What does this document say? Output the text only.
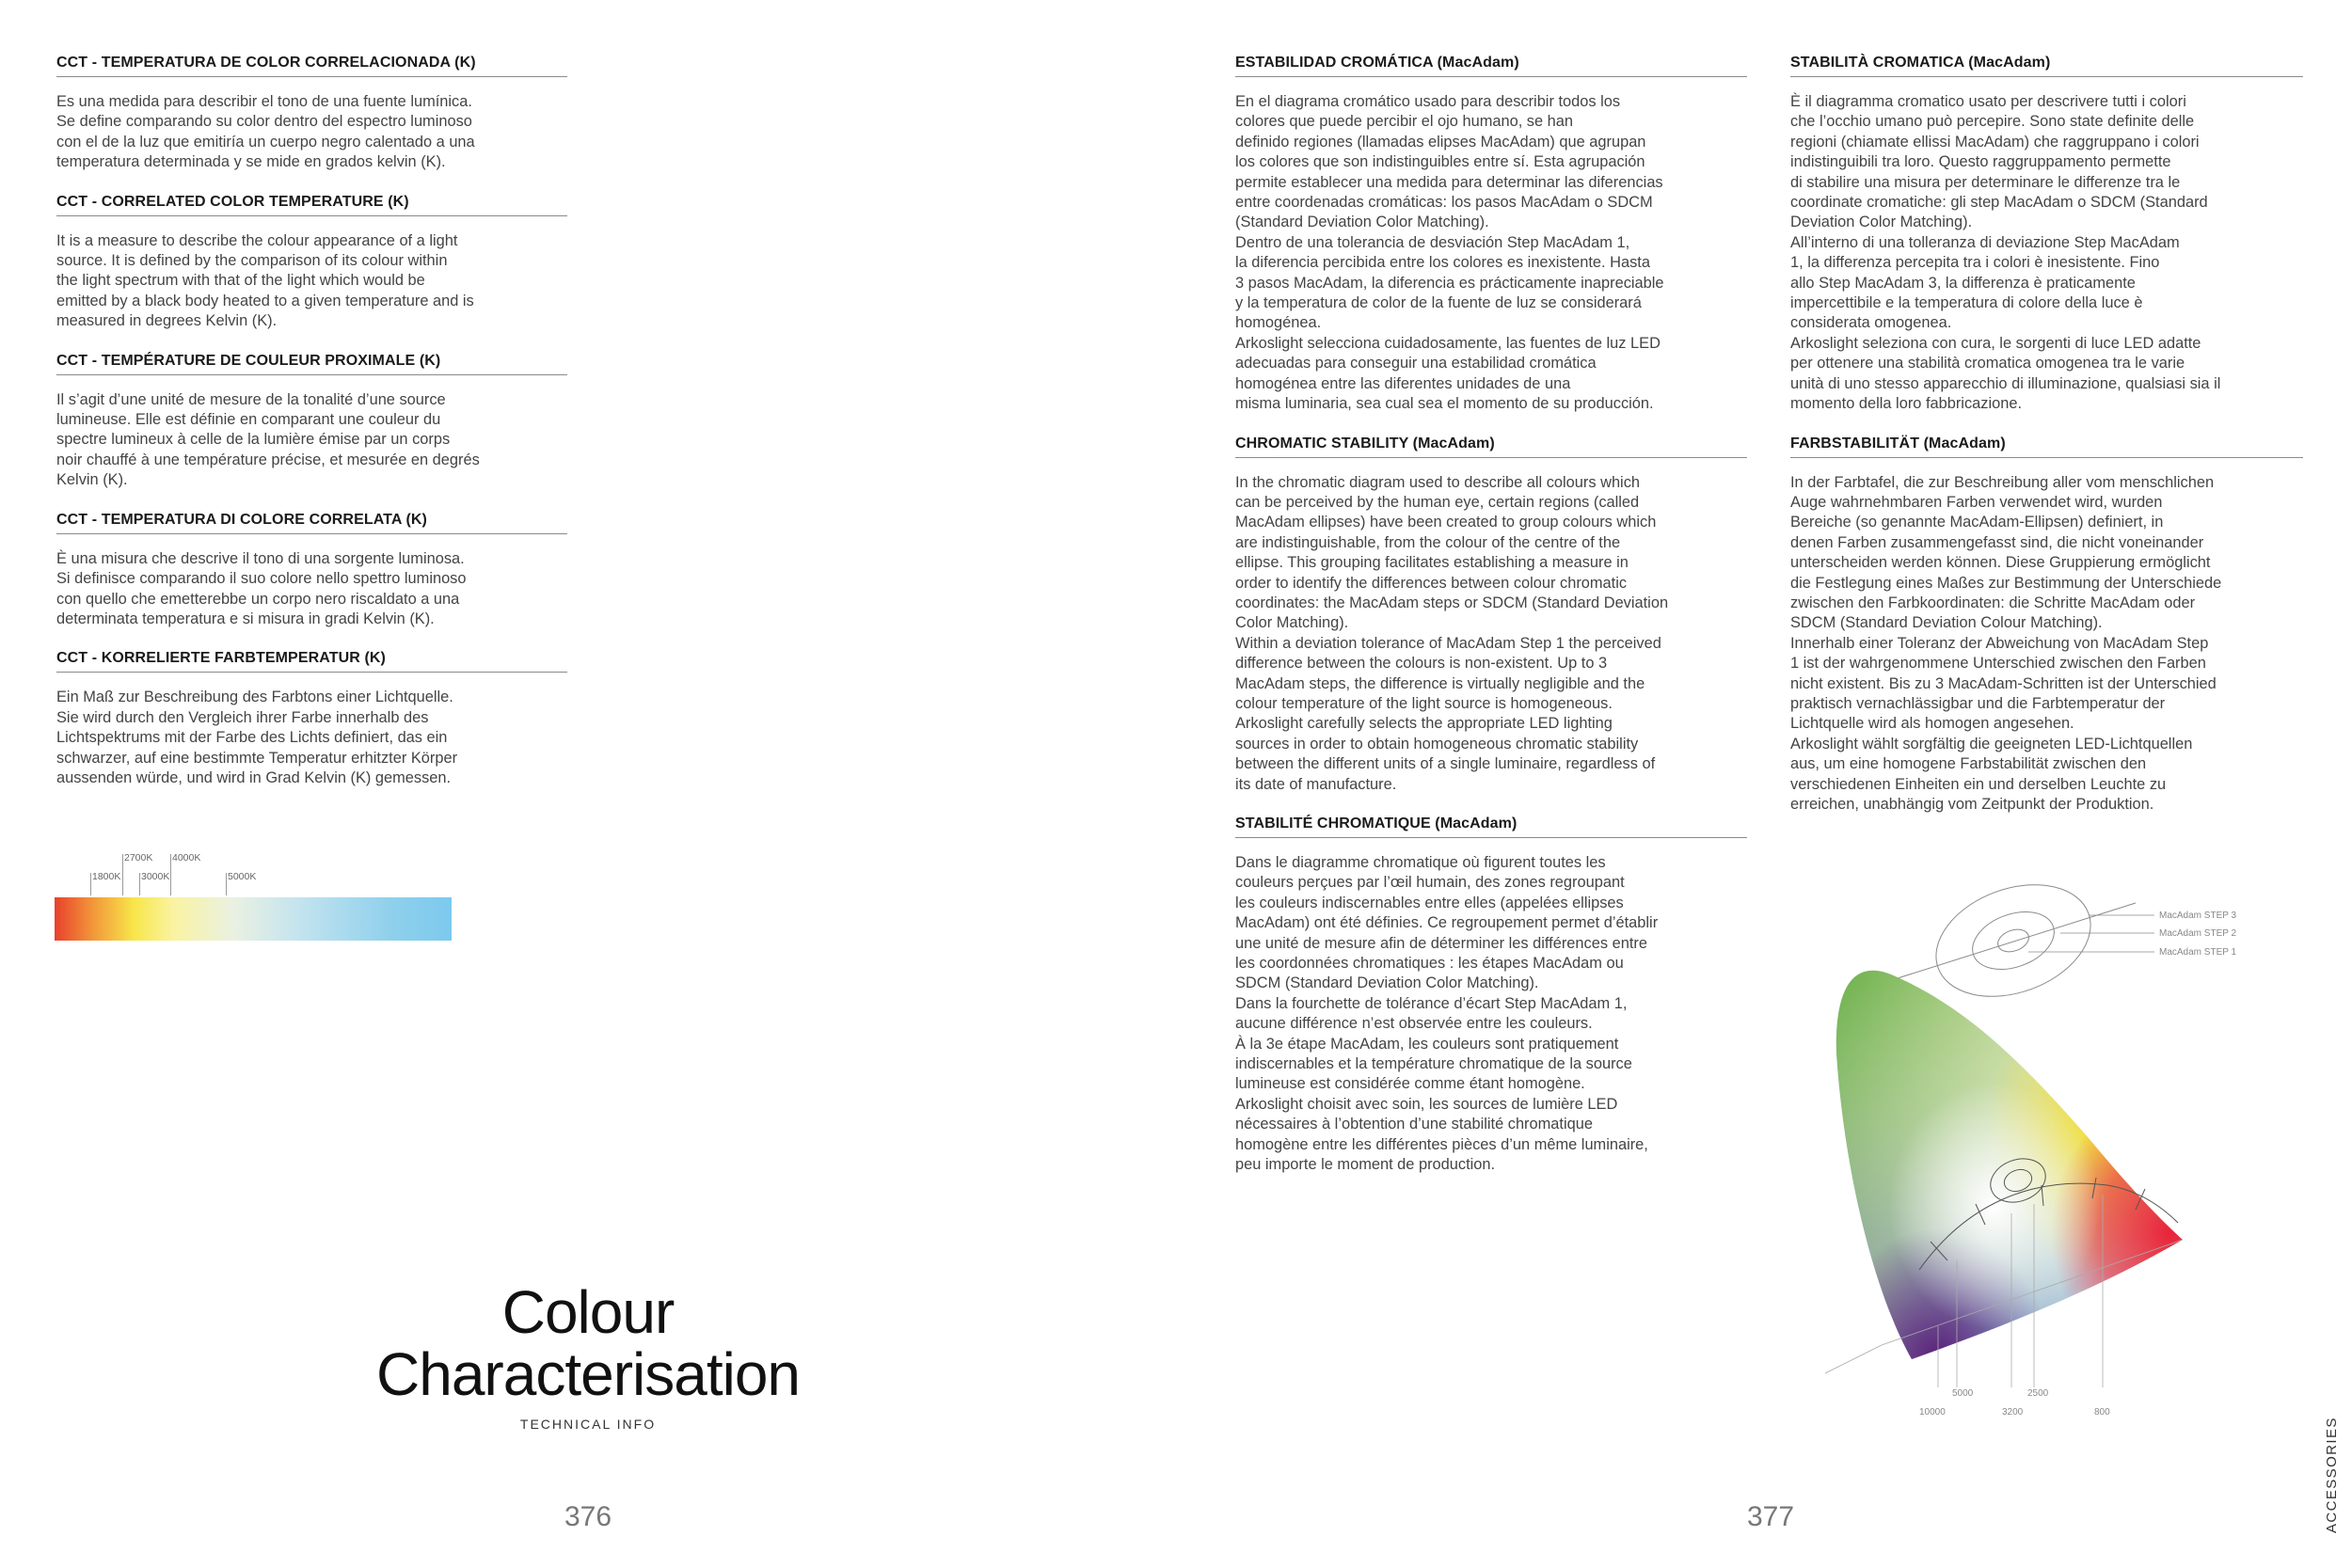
CCT - TEMPERATURA DE COLOR CORRELACIONADA (K)
Es una medida para describir el tono de una fuente lumínica.
Se define comparando su color dentro del espectro luminoso
con el de la luz que emitiría un cuerpo negro calentado a una
temperatura determinada y se mide en grados kelvin (K).
CCT - CORRELATED COLOR TEMPERATURE (K)
It is a measure to describe the colour appearance of a light
source. It is defined by the comparison of its colour within
the light spectrum with that of the light which would be
emitted by a black body heated to a given temperature and is
measured in degrees Kelvin (K).
CCT - TEMPÉRATURE DE COULEUR PROXIMALE (K)
Il s’agit d’une unité de mesure de la tonalité d’une source
lumineuse. Elle est définie en comparant une couleur du
spectre lumineux à celle de la lumière émise par un corps
noir chauffé à une température précise, et mesurée en degrés
Kelvin (K).
CCT - TEMPERATURA DI COLORE CORRELATA (K)
È una misura che descrive il tono di una sorgente luminosa.
Si definisce comparando il suo colore nello spettro luminoso
con quello che emetterebbe un corpo nero riscaldato a una
determinata temperatura e si misura in gradi Kelvin (K).
CCT - KORRELIERTE FARBTEMPERATUR (K)
Ein Maß zur Beschreibung des Farbtons einer Lichtquelle.
Sie wird durch den Vergleich ihrer Farbe innerhalb des
Lichtspektrums mit der Farbe des Lichts definiert, das ein
schwarzer, auf eine bestimmte Temperatur erhitzter Körper
aussenden würde, und wird in Grad Kelvin (K) gemessen.
2700K 4000K
1800K 3000K	5000K
Colour
Characterisation
TECHNICAL INFO
376	377
ESTABILIDAD CROMÁTICA (MacAdam)
En el diagrama cromático usado para describir todos los
colores que puede percibir el ojo humano, se han
definido regiones (llamadas elipses MacAdam) que agrupan
los colores que son indistinguibles entre sí. Esta agrupación
permite establecer una medida para determinar las diferencias
entre coordenadas cromáticas: los pasos MacAdam o SDCM
(Standard Deviation Color Matching).
Dentro de una tolerancia de desviación Step MacAdam 1,
la diferencia percibida entre los colores es inexistente. Hasta
3 pasos MacAdam, la diferencia es prácticamente inapreciable
y la temperatura de color de la fuente de luz se considerará
homogénea.
Arkoslight selecciona cuidadosamente, las fuentes de luz LED
adecuadas para conseguir una estabilidad cromática
homogénea entre las diferentes unidades de una
misma luminaria, sea cual sea el momento de su producción.
CHROMATIC STABILITY (MacAdam)
In the chromatic diagram used to describe all colours which
can be perceived by the human eye, certain regions (called
MacAdam ellipses) have been created to group colours which
are indistinguishable, from the colour of the centre of the
ellipse. This grouping facilitates establishing a measure in
order to identify the differences between colour chromatic
coordinates: the MacAdam steps or SDCM (Standard Deviation
Color Matching).
Within a deviation tolerance of MacAdam Step 1 the perceived
difference between the colours is non-existent. Up to 3
MacAdam steps, the difference is virtually negligible and the
colour temperature of the light source is homogeneous.
Arkoslight carefully selects the appropriate LED lighting
sources in order to obtain homogeneous chromatic stability
between the different units of a single luminaire, regardless of
its date of manufacture.
STABILITÉ CHROMATIQUE (MacAdam)
Dans le diagramme chromatique où figurent toutes les
couleurs perçues par l’œil humain, des zones regroupant
les couleurs indiscernables entre elles (appelées ellipses
MacAdam) ont été définies. Ce regroupement permet d’établir
une unité de mesure afin de déterminer les différences entre
les coordonnées chromatiques : les étapes MacAdam ou
SDCM (Standard Deviation Color Matching).
Dans la fourchette de tolérance d’écart Step MacAdam 1,
aucune différence n’est observée entre les couleurs.
À la 3e étape MacAdam, les couleurs sont pratiquement
indiscernables et la température chromatique de la source
lumineuse est considérée comme étant homogène.
Arkoslight choisit avec soin, les sources de lumière LED
nécessaires à l’obtention d’une stabilité chromatique
homogène entre les différentes pièces d’un même luminaire,
peu importe le moment de production.
STABILITÀ CROMATICA (MacAdam)
È il diagramma cromatico usato per descrivere tutti i colori
che l’occhio umano può percepire. Sono state definite delle
regioni (chiamate ellissi MacAdam) che raggruppano i colori
indistinguibili tra loro. Questo raggruppamento permette
di stabilire una misura per determinare le differenze tra le
coordinate cromatiche: gli step MacAdam o SDCM (Standard
Deviation Color Matching).
All’interno di una tolleranza di deviazione Step MacAdam
1, la differenza percepita tra i colori è inesistente. Fino
allo Step MacAdam 3, la differenza è praticamente
impercettibile e la temperatura di colore della luce è
considerata omogenea.
Arkoslight seleziona con cura, le sorgenti di luce LED adatte
per ottenere una stabilità cromatica omogenea tra le varie
unità di uno stesso apparecchio di illuminazione, qualsiasi sia il
momento della loro fabbricazione.
FARBSTABILITÄT (MacAdam)
In der Farbtafel, die zur Beschreibung aller vom menschlichen
Auge wahrnehmbaren Farben verwendet wird, wurden
Bereiche (so genannte MacAdam-Ellipsen) definiert, in
denen Farben zusammengefasst sind, die nicht voneinander
unterscheiden werden können. Diese Gruppierung ermöglicht
die Festlegung eines Maßes zur Bestimmung der Unterschiede
zwischen den Farbkoordinaten: die Schritte MacAdam oder
SDCM (Standard Deviation Colour Matching).
Innerhalb einer Toleranz der Abweichung von MacAdam Step
1 ist der wahrgenommene Unterschied zwischen den Farben
nicht existent. Bis zu 3 MacAdam-Schritten ist der Unterschied
praktisch vernachlässigbar und die Farbtemperatur der
Lichtquelle wird als homogen angesehen.
Arkoslight wählt sorgfältig die geeigneten LED-Lichtquellen
aus, um eine homogene Farbstabilität zwischen den
verschiedenen Einheiten ein und derselben Leuchte zu
erreichen, unabhängig vom Zeitpunkt der Produktion.
MacAdam STEP 3
MacAdam STEP 2
MacAdam STEP 1
5000	2500
10000	3200	800
ACCESSORIES
